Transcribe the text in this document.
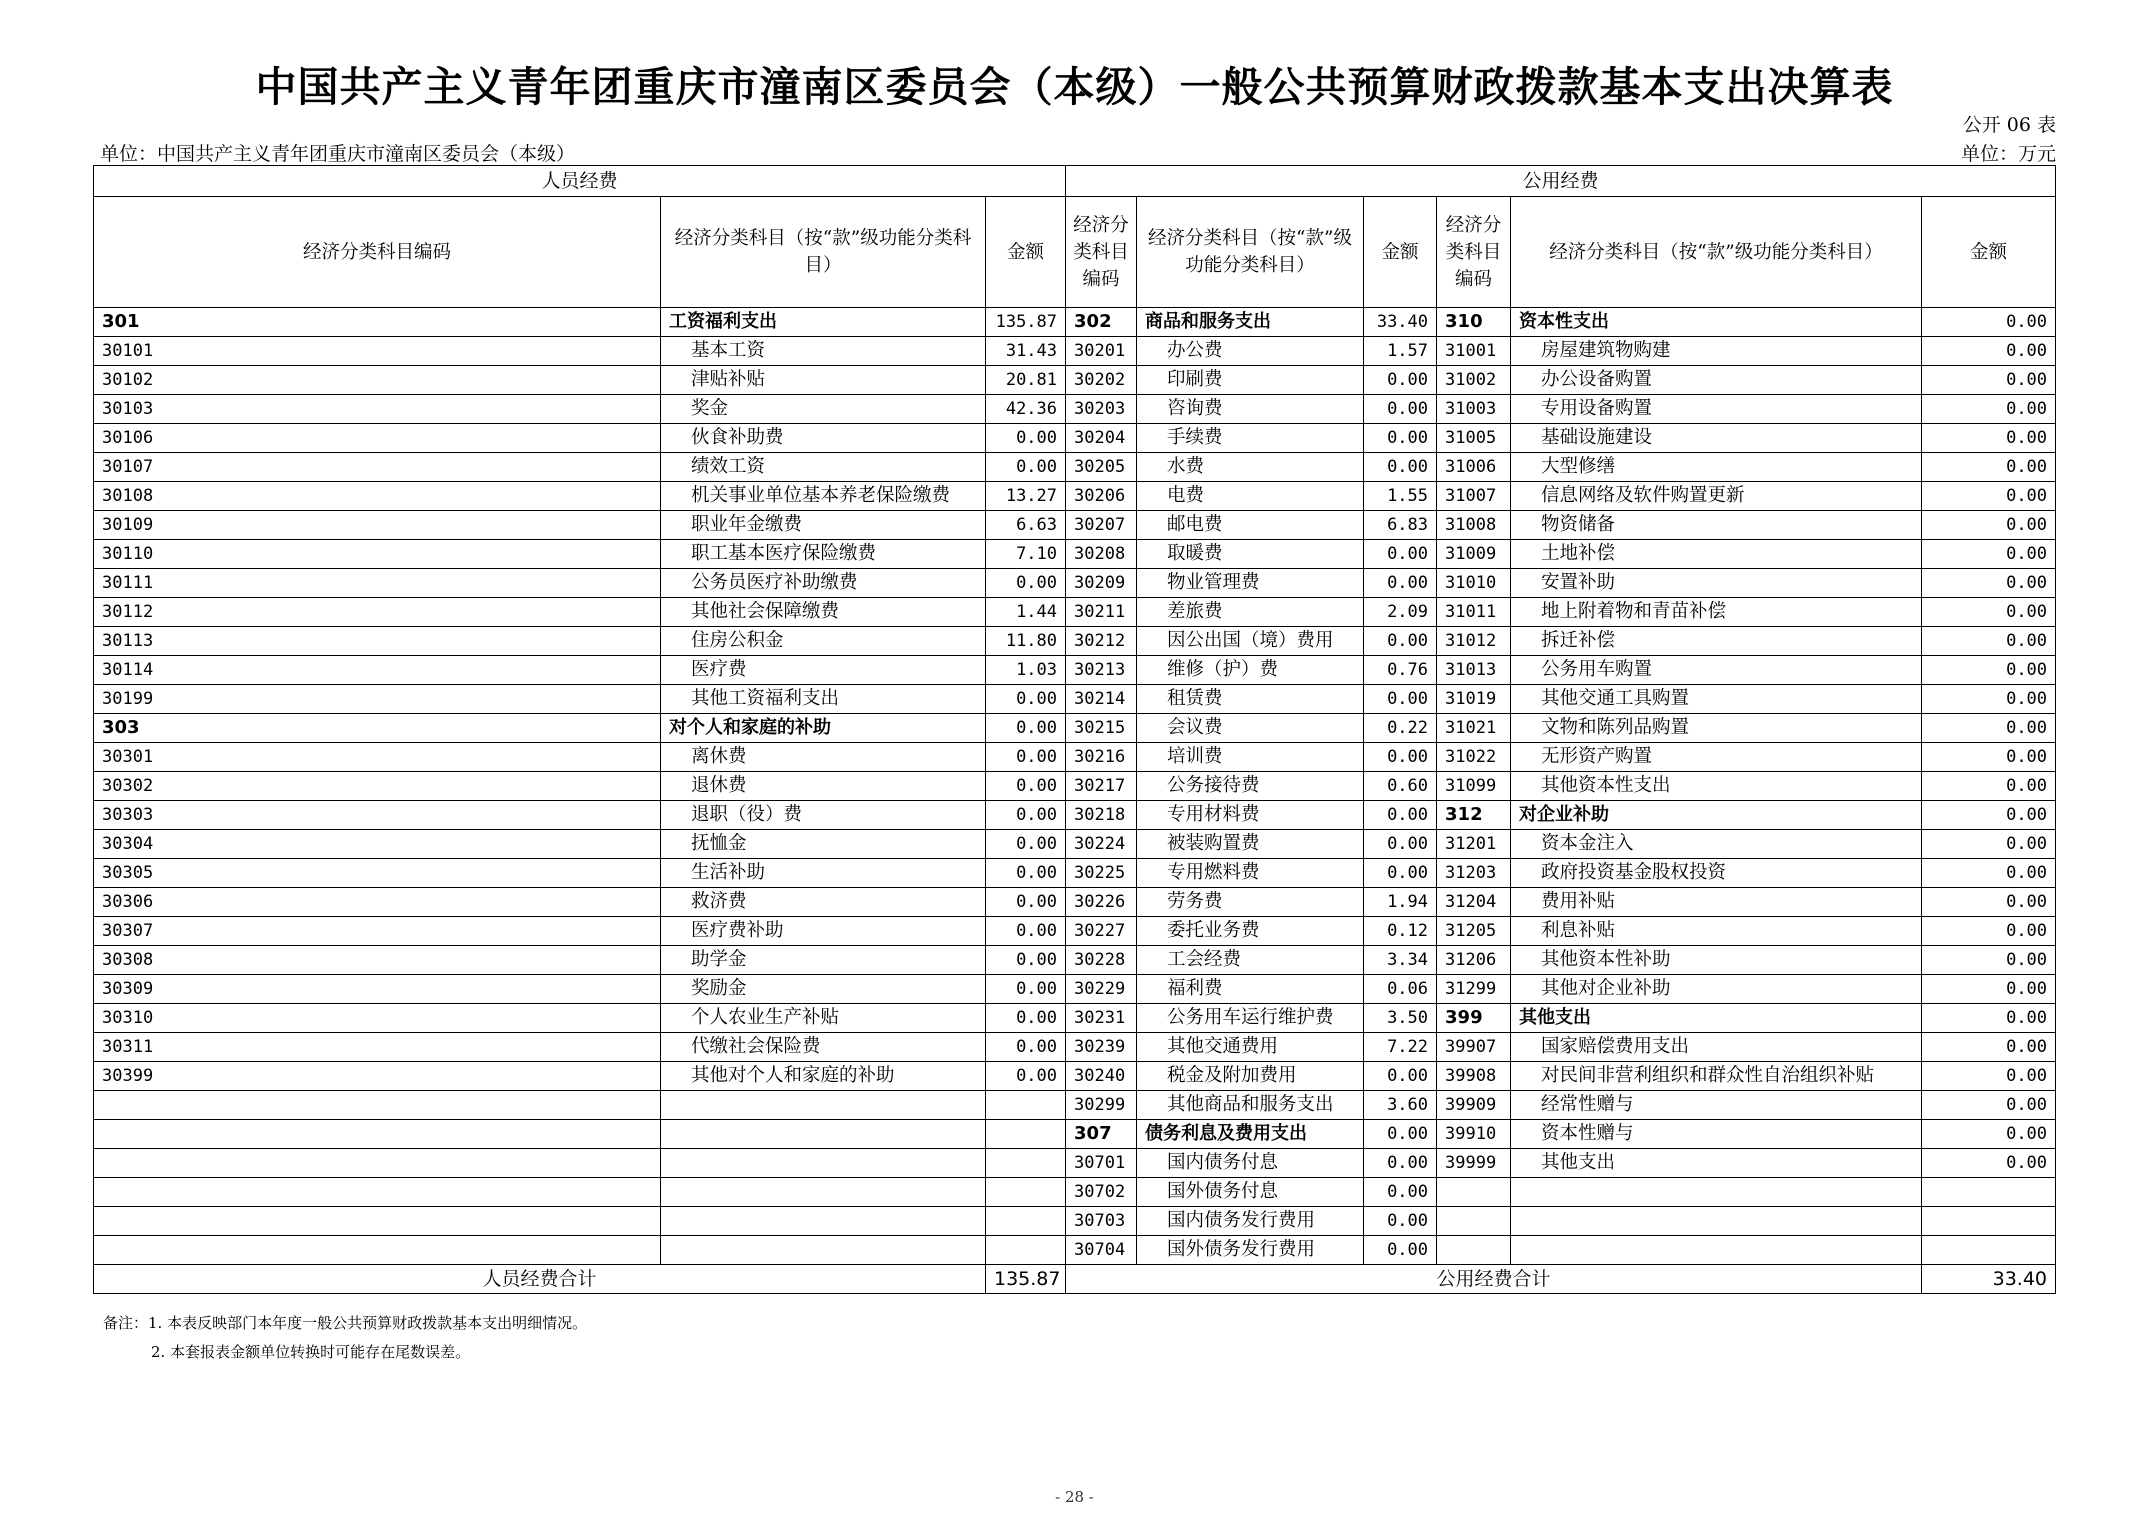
中国共产主义青年团重庆市潼南区委员会（本级）一般公共预算财政拨款基本支出决算表
公开 06 表
单位：中国共产主义青年团重庆市潼南区委员会（本级）	单位：万元
人员经费			公用经费					
经济分类科目编码	经济分类科目（按“款”级功能分类科目）	金额	经济分类科目编码	经济分类科目（按“款”级功能分类科目）	金额	经济分类科目编码	经济分类科目（按“款”级功能分类科目）	金额
301	工资福利支出	135.87	302	商品和服务支出	33.40	310	资本性支出	0.00
30101	基本工资	31.43	30201	办公费	1.57	31001	房屋建筑物购建	0.00
30102	津贴补贴	20.81	30202	印刷费	0.00	31002	办公设备购置	0.00
30103	奖金	42.36	30203	咨询费	0.00	31003	专用设备购置	0.00
30106	伙食补助费	0.00	30204	手续费	0.00	31005	基础设施建设	0.00
30107	绩效工资	0.00	30205	水费	0.00	31006	大型修缮	0.00
30108	机关事业单位基本养老保险缴费	13.27	30206	电费	1.55	31007	信息网络及软件购置更新	0.00
30109	职业年金缴费	6.63	30207	邮电费	6.83	31008	物资储备	0.00
30110	职工基本医疗保险缴费	7.10	30208	取暖费	0.00	31009	土地补偿	0.00
30111	公务员医疗补助缴费	0.00	30209	物业管理费	0.00	31010	安置补助	0.00
30112	其他社会保障缴费	1.44	30211	差旅费	2.09	31011	地上附着物和青苗补偿	0.00
30113	住房公积金	11.80	30212	因公出国（境）费用	0.00	31012	拆迁补偿	0.00
30114	医疗费	1.03	30213	维修（护）费	0.76	31013	公务用车购置	0.00
30199	其他工资福利支出	0.00	30214	租赁费	0.00	31019	其他交通工具购置	0.00
303	对个人和家庭的补助	0.00	30215	会议费	0.22	31021	文物和陈列品购置	0.00
30301	离休费	0.00	30216	培训费	0.00	31022	无形资产购置	0.00
30302	退休费	0.00	30217	公务接待费	0.60	31099	其他资本性支出	0.00
30303	退职（役）费	0.00	30218	专用材料费	0.00	312	对企业补助	0.00
30304	抚恤金	0.00	30224	被装购置费	0.00	31201	资本金注入	0.00
30305	生活补助	0.00	30225	专用燃料费	0.00	31203	政府投资基金股权投资	0.00
30306	救济费	0.00	30226	劳务费	1.94	31204	费用补贴	0.00
30307	医疗费补助	0.00	30227	委托业务费	0.12	31205	利息补贴	0.00
30308	助学金	0.00	30228	工会经费	3.34	31206	其他资本性补助	0.00
30309	奖励金	0.00	30229	福利费	0.06	31299	其他对企业补助	0.00
30310	个人农业生产补贴	0.00	30231	公务用车运行维护费	3.50	399	其他支出	0.00
30311	代缴社会保险费	0.00	30239	其他交通费用	7.22	39907	国家赔偿费用支出	0.00
30399	其他对个人和家庭的补助	0.00	30240	税金及附加费用	0.00	39908	对民间非营利组织和群众性自治组织补贴	0.00
			30299	其他商品和服务支出	3.60	39909	经常性赠与	0.00
			307	债务利息及费用支出	0.00	39910	资本性赠与	0.00
			30701	国内债务付息	0.00	39999	其他支出	0.00
			30702	国外债务付息	0.00			
			30703	国内债务发行费用	0.00			
			30704	国外债务发行费用	0.00			
人员经费合计		135.87	公用经费合计					33.40
备注：1. 本表反映部门本年度一般公共预算财政拨款基本支出明细情况。
2. 本套报表金额单位转换时可能存在尾数误差。
- 28 -
